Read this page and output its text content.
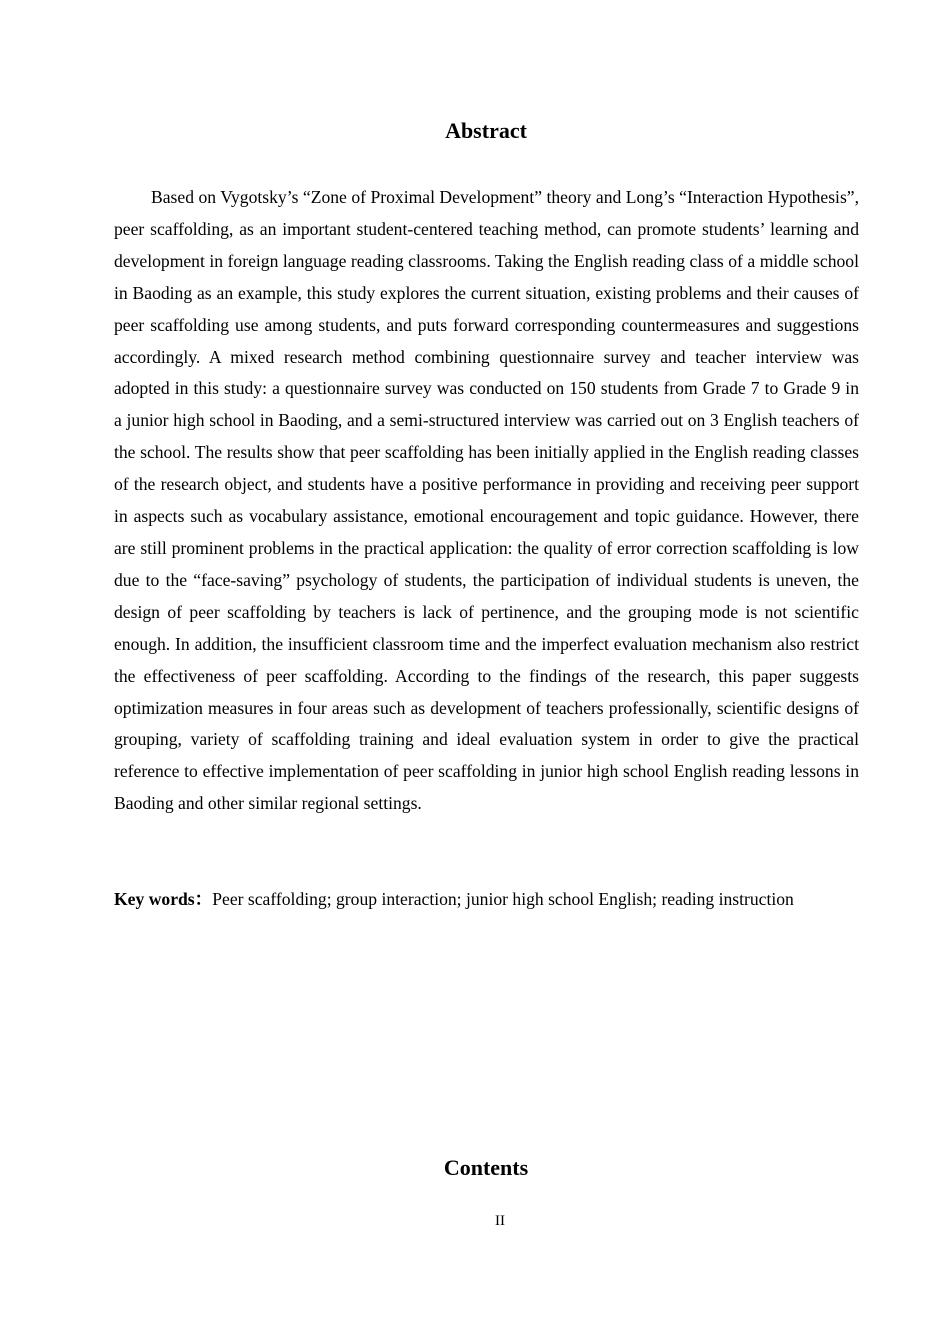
Abstract

Based on Vygotsky’s “Zone of Proximal Development” theory and Long’s “Interaction Hypothesis”, peer scaffolding, as an important student-centered teaching method, can promote students’ learning and development in foreign language reading classrooms. Taking the English reading class of a middle school in Baoding as an example, this study explores the current situation, existing problems and their causes of peer scaffolding use among students, and puts forward corresponding countermeasures and suggestions accordingly. A mixed research method combining questionnaire survey and teacher interview was adopted in this study: a questionnaire survey was conducted on 150 students from Grade 7 to Grade 9 in a junior high school in Baoding, and a semi-structured interview was carried out on 3 English teachers of the school. The results show that peer scaffolding has been initially applied in the English reading classes of the research object, and students have a positive performance in providing and receiving peer support in aspects such as vocabulary assistance, emotional encouragement and topic guidance. However, there are still prominent problems in the practical application: the quality of error correction scaffolding is low due to the “face-saving” psychology of students, the participation of individual students is uneven, the design of peer scaffolding by teachers is lack of pertinence, and the grouping mode is not scientific enough. In addition, the insufficient classroom time and the imperfect evaluation mechanism also restrict the effectiveness of peer scaffolding. According to the findings of the research, this paper suggests optimization measures in four areas such as development of teachers professionally, scientific designs of grouping, variety of scaffolding training and ideal evaluation system in order to give the practical reference to effective implementation of peer scaffolding in junior high school English reading lessons in Baoding and other similar regional settings.

Key words：Peer scaffolding; group interaction; junior high school English; reading instruction

Contents
II
